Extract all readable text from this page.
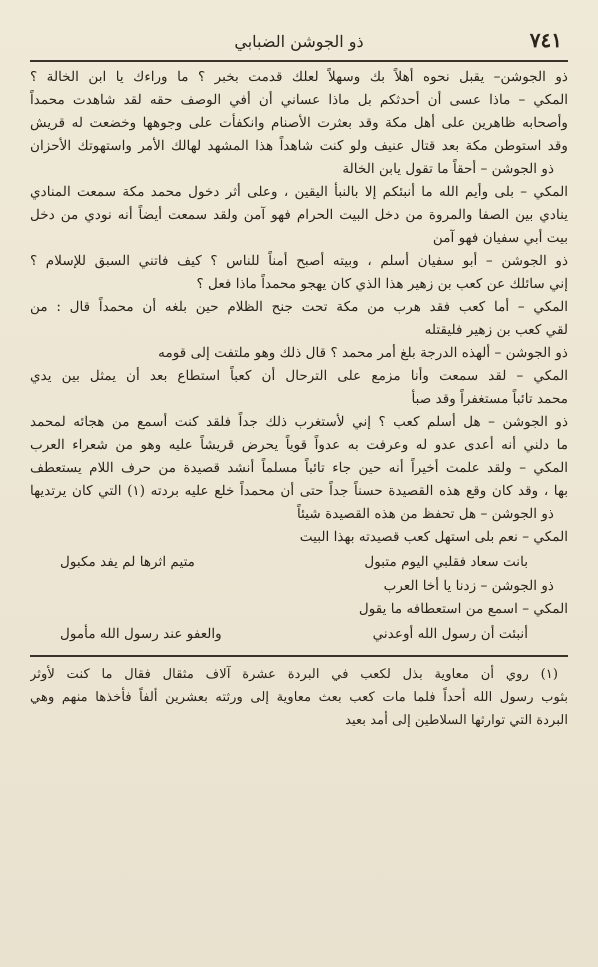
٧٤١
ذو الجوشن الضبابي
ذو الجوشن– يقبل نحوه أهلاً بك وسهلاً لعلك قدمت بخبر ؟ ما وراءك يا ابن الخالة ؟
المكي – ماذا عسى أن أحدثكم بل ماذا عساني أن أفي الوصف حقه لقد شاهدت محمداً
وأصحابه ظاهرين على أهل مكة وقد بعثرت الأصنام وانكفأت على وجوهها وخضعت له قريش
وقد استوطن مكة بعد قتال عنيف ولو كنت شاهداً هذا المشهد لهالك الأمر واستهوتك الأحزان
ذو الجوشن – أحقاً ما تقول يابن الخالة
المكي – بلى وأيم الله ما أنبئكم إلا بالنبأ اليقين ، وعلى أثر دخول محمد مكة سمعت المنادي
ينادي بين الصفا والمروة من دخل البيت الحرام فهو آمن ولقد سمعت أيضاً أنه نودي من دخل
بيت أبي سفيان فهو آمن
ذو الجوشن – أبو سفيان أسلم ، وبيته أصبح أمناً للناس ؟ كيف فاتني السبق للإسلام ؟
إني سائلك عن كعب بن زهير هذا الذي كان يهجو محمداً ماذا فعل ؟
المكي – أما كعب فقد هرب من مكة تحت جنح الظلام حين بلغه أن محمداً قال : من
لقي كعب بن زهير فليقتله
ذو الجوشن – ألهذه الدرجة بلغ أمر محمد ؟ قال ذلك وهو ملتفت إلى قومه
المكي – لقد سمعت وأنا مزمع على الترحال أن كعباً استطاع بعد أن يمثل بين يدي
محمد تائباً مستغفراً وقد صبأ
ذو الجوشن – هل أسلم كعب ؟ إني لأستغرب ذلك جداً فلقد كنت أسمع من هجائه لمحمد
ما دلني أنه أعدى عدو له وعرفت به عدواً قوياً يحرض قريشاً عليه وهو من شعراء العرب
المكي – ولقد علمت أخيراً أنه حين جاء تائباً مسلماً أنشد قصيدة من حرف اللام يستعطف
بها ، وقد كان وقع هذه القصيدة حسناً جداً حتى أن محمداً خلع عليه بردته (١) التي كان يرتديها
ذو الجوشن – هل تحفظ من هذه القصيدة شيئاً
المكي – نعم بلى استهل كعب قصيدته بهذا البيت
بانت سعاد فقلبي اليوم متبول
متيم اثرها لم يفد مكبول
ذو الجوشن – زدنا يا أخا العرب
المكي – اسمع من استعطافه ما يقول
أنبئت أن رسول الله أوعدني
والعفو عند رسول الله مأمول
(١) روي أن معاوية بذل لكعب في البردة عشرة آلاف مثقال فقال ما كنت لأوثر
بثوب رسول الله أحداً فلما مات كعب بعث معاوية إلى ورثته بعشرين ألفاً فأخذها منهم وهي
البردة التي توارثها السلاطين إلى أمد بعيد
